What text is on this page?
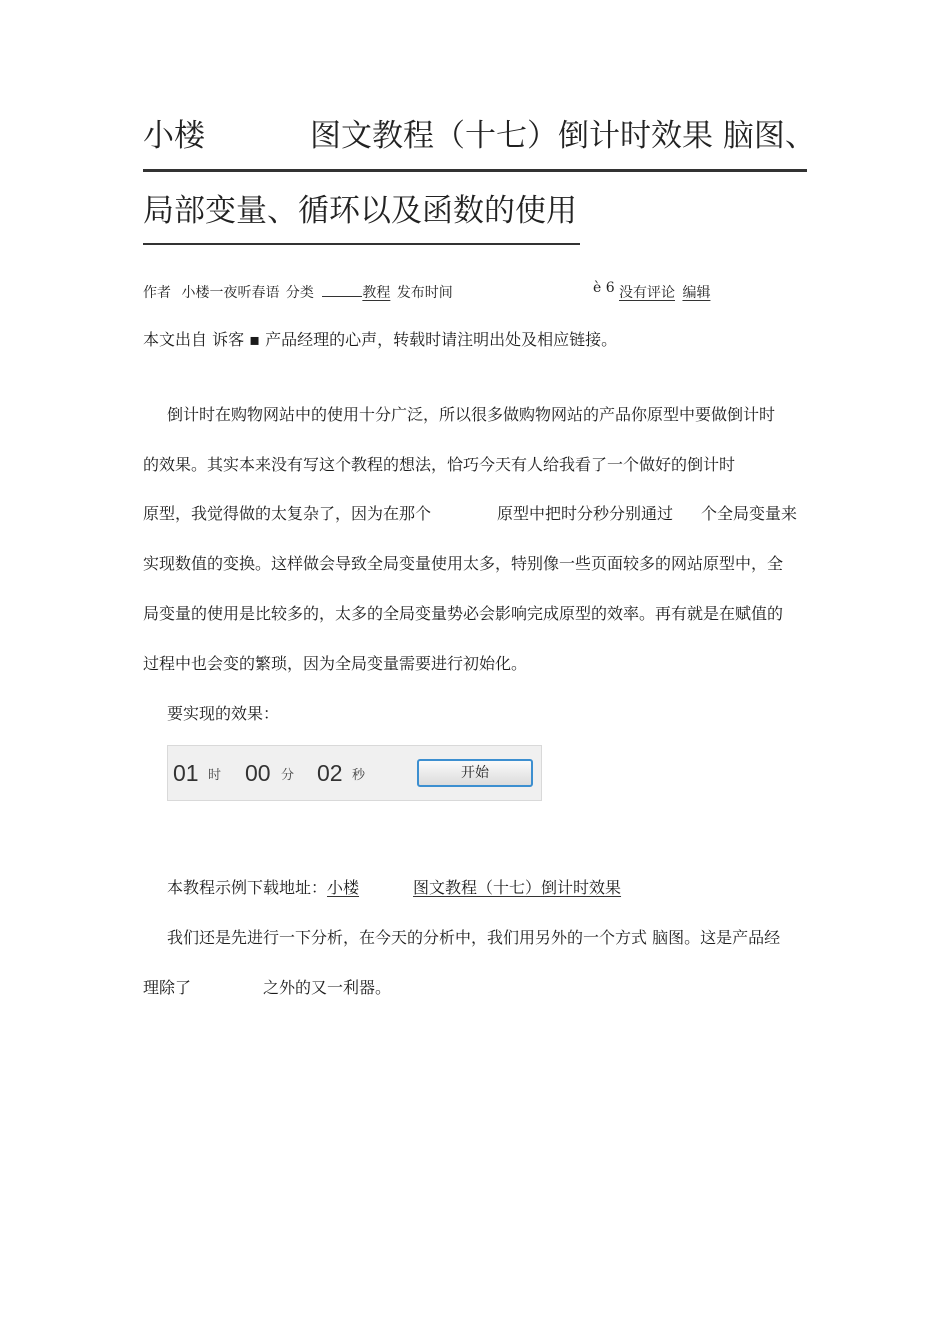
小楼	图文教程（十七）倒计时效果 脑图、
局部变量、循环以及函数的使用
作者 小楼一夜听春语 分类	教程 发布时间	è 6 没有评论 编辑
本文出自 诉客 ▪ 产品经理的心声，转载时请注明出处及相应链接。
倒计时在购物网站中的使用十分广泛，所以很多做购物网站的产品你原型中要做倒计时
的效果。其实本来没有写这个教程的想法，恰巧今天有人给我看了一个做好的倒计时
原型，我觉得做的太复杂了，因为在那个	原型中把时分秒分别通过 个全局变量来
实现数值的变换。这样做会导致全局变量使用太多，特别像一些页面较多的网站原型中，全
局变量的使用是比较多的，太多的全局变量势必会影响完成原型的效率。再有就是在赋值的
过程中也会变的繁琐，因为全局变量需要进行初始化。
要实现的效果：
01 时 00 分 02 秒	开始
本教程示例下载地址：小楼	图文教程（十七）倒计时效果
我们还是先进行一下分析，在今天的分析中，我们用另外的一个方式 脑图。这是产品经
理除了	之外的又一利器。
